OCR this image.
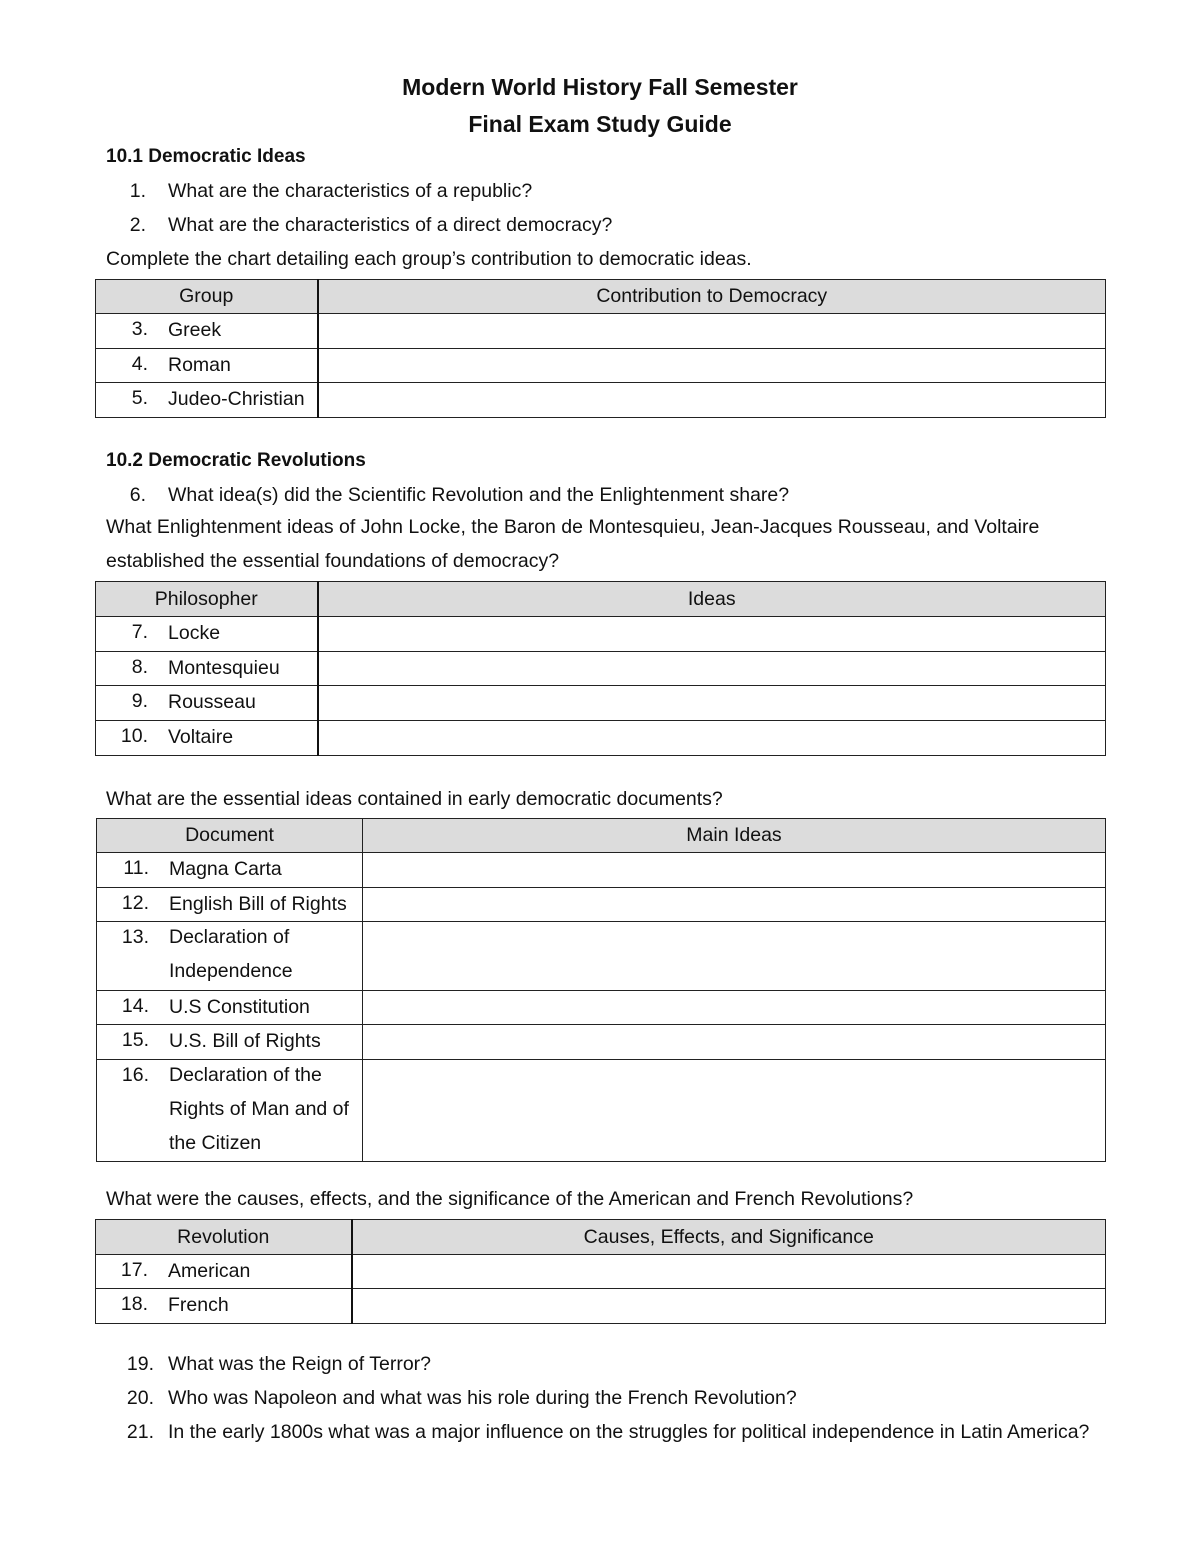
Modern World History Fall Semester
Final Exam Study Guide
10.1 Democratic Ideas
1. What are the characteristics of a republic?
2. What are the characteristics of a direct democracy?
Complete the chart detailing each group’s contribution to democratic ideas.
Group	Contribution to Democracy

3. Greek	

4. Roman	

5. Judeo-Christian	

10.2 Democratic Revolutions
6. What idea(s) did the Scientific Revolution and the Enlightenment share?
What Enlightenment ideas of John Locke, the Baron de Montesquieu, Jean-Jacques Rousseau, and Voltaire
established the essential foundations of democracy?
Philosopher	Ideas

7. Locke	

8. Montesquieu	

9. Rousseau	

10. Voltaire	

What are the essential ideas contained in early democratic documents?
Document	Main Ideas

11. Magna Carta	

12. English Bill of Rights	

13. Declaration of Independence	

14. U.S Constitution	

15. U.S. Bill of Rights	

16. Declaration of the Rights of Man and of the Citizen	

What were the causes, effects, and the significance of the American and French Revolutions?
Revolution	Causes, Effects, and Significance

17. American	

18. French	

19. What was the Reign of Terror?
20. Who was Napoleon and what was his role during the French Revolution?
21. In the early 1800s what was a major influence on the struggles for political independence in Latin America?
